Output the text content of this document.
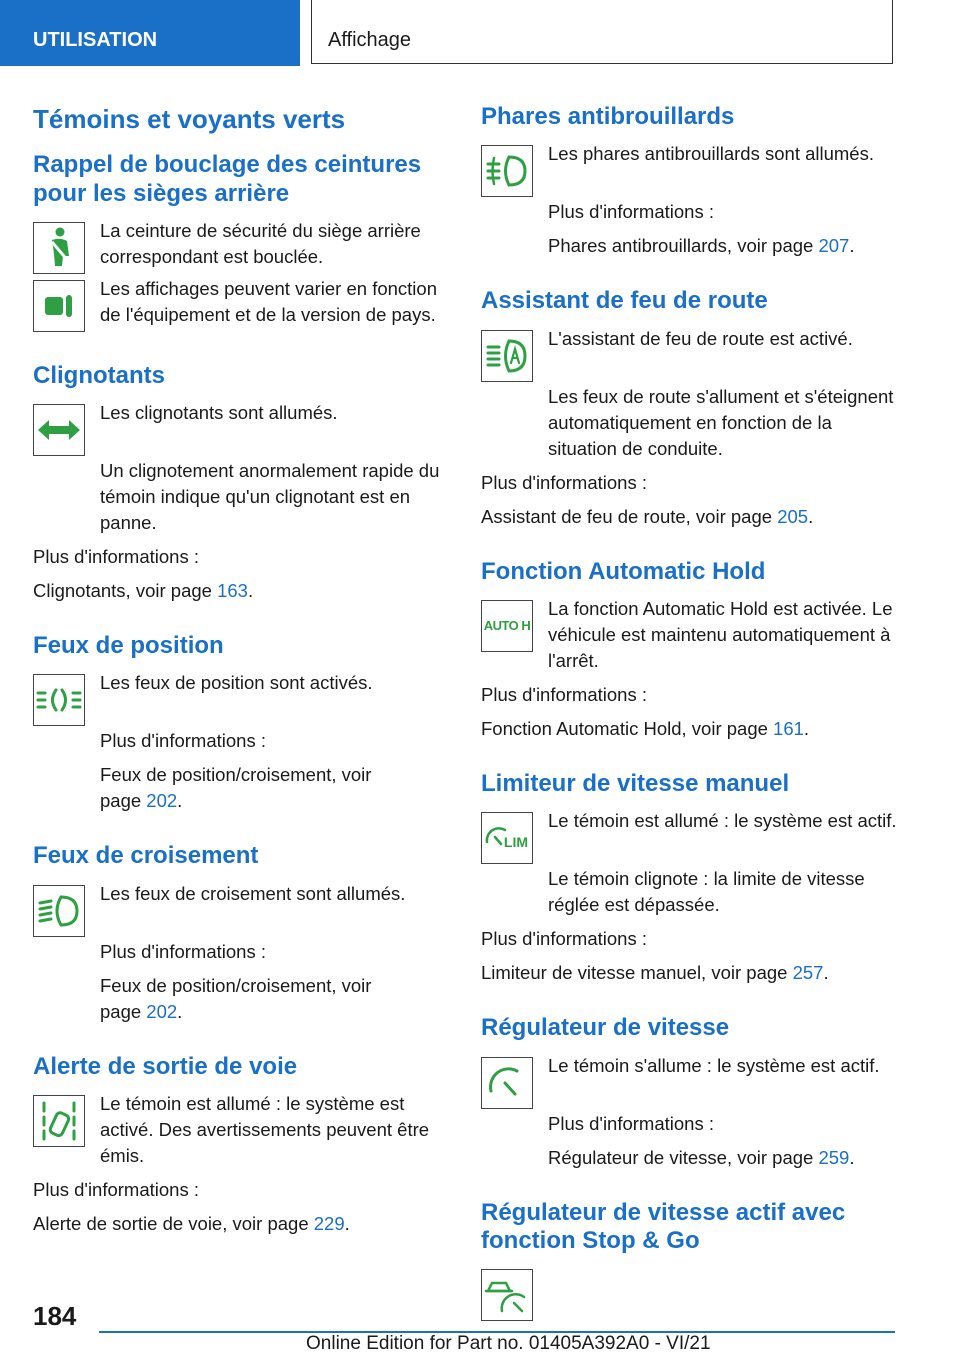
UTILISATION	Affichage
Témoins et voyants verts
Rappel de bouclage des ceintures pour les sièges arrière

La ceinture de sécurité du siège arrière correspondant est bouclée.

Les affichages peuvent varier en fonction de l'équipement et de la version de pays.

Clignotants

Les clignotants sont allumés.

Un clignotement anormalement rapide du témoin indique qu'un clignotant est en panne.

Plus d'informations :

Clignotants, voir page 163.

Feux de position

Les feux de position sont activés.

Plus d'informations :

Feux de position/croisement, voir page 202.

Feux de croisement

Les feux de croisement sont allumés.

Plus d'informations :

Feux de position/croisement, voir page 202.

Alerte de sortie de voie

Le témoin est allumé : le système est activé. Des avertissements peuvent être émis.

Plus d'informations :

Alerte de sortie de voie, voir page 229.

Phares antibrouillards

Les phares antibrouillards sont allumés.

Plus d'informations :

Phares antibrouillards, voir page 207.

Assistant de feu de route

L'assistant de feu de route est activé.

Les feux de route s'allument et s'éteignent automatiquement en fonction de la situation de conduite.

Plus d'informations :

Assistant de feu de route, voir page 205.

Fonction Automatic Hold
AUTO H

La fonction Automatic Hold est activée. Le véhicule est maintenu automatiquement à l'arrêt.

Plus d'informations :

Fonction Automatic Hold, voir page 161.

Limiteur de vitesse manuel
LIM

Le témoin est allumé : le système est actif.

Le témoin clignote : la limite de vitesse réglée est dépassée.

Plus d'informations :

Limiteur de vitesse manuel, voir page 257.

Régulateur de vitesse

Le témoin s'allume : le système est actif.

Plus d'informations :

Régulateur de vitesse, voir page 259.

Régulateur de vitesse actif avec fonction Stop & Go
184
Online Edition for Part no. 01405A392A0 - VI/21
